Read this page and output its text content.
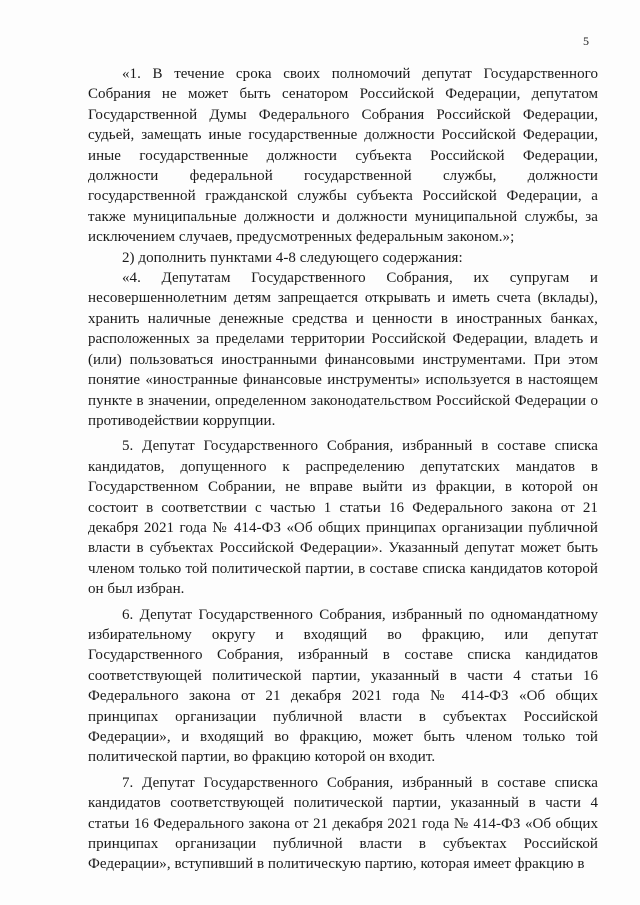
5

«1. В течение срока своих полномочий депутат Государственного Собрания не может быть сенатором Российской Федерации, депутатом Государственной Думы Федерального Собрания Российской Федерации, судьей, замещать иные государственные должности Российской Федерации, иные государственные должности субъекта Российской Федерации, должности федеральной государственной службы, должности государственной гражданской службы субъекта Российской Федерации, а также муниципальные должности и должности муниципальной службы, за исключением случаев, предусмотренных федеральным законом.»;

2) дополнить пунктами 4-8 следующего содержания:

«4. Депутатам Государственного Собрания, их супругам и несовершеннолетним детям запрещается открывать и иметь счета (вклады), хранить наличные денежные средства и ценности в иностранных банках, расположенных за пределами территории Российской Федерации, владеть и (или) пользоваться иностранными финансовыми инструментами. При этом понятие «иностранные финансовые инструменты» используется в настоящем пункте в значении, определенном законодательством Российской Федерации о противодействии коррупции.

5. Депутат Государственного Собрания, избранный в составе списка кандидатов, допущенного к распределению депутатских мандатов в Государственном Собрании, не вправе выйти из фракции, в которой он состоит в соответствии с частью 1 статьи 16 Федерального закона от 21 декабря 2021 года № 414-ФЗ «Об общих принципах организации публичной власти в субъектах Российской Федерации». Указанный депутат может быть членом только той политической партии, в составе списка кандидатов которой он был избран.

6. Депутат Государственного Собрания, избранный по одномандатному избирательному округу и входящий во фракцию, или депутат Государственного Собрания, избранный в составе списка кандидатов соответствующей политической партии, указанный в части 4 статьи 16 Федерального закона от 21 декабря 2021 года № 414-ФЗ «Об общих принципах организации публичной власти в субъектах Российской Федерации», и входящий во фракцию, может быть членом только той политической партии, во фракцию которой он входит.

7. Депутат Государственного Собрания, избранный в составе списка кандидатов соответствующей политической партии, указанный в части 4 статьи 16 Федерального закона от 21 декабря 2021 года № 414-ФЗ «Об общих принципах организации публичной власти в субъектах Российской Федерации», вступивший в политическую партию, которая имеет фракцию в
